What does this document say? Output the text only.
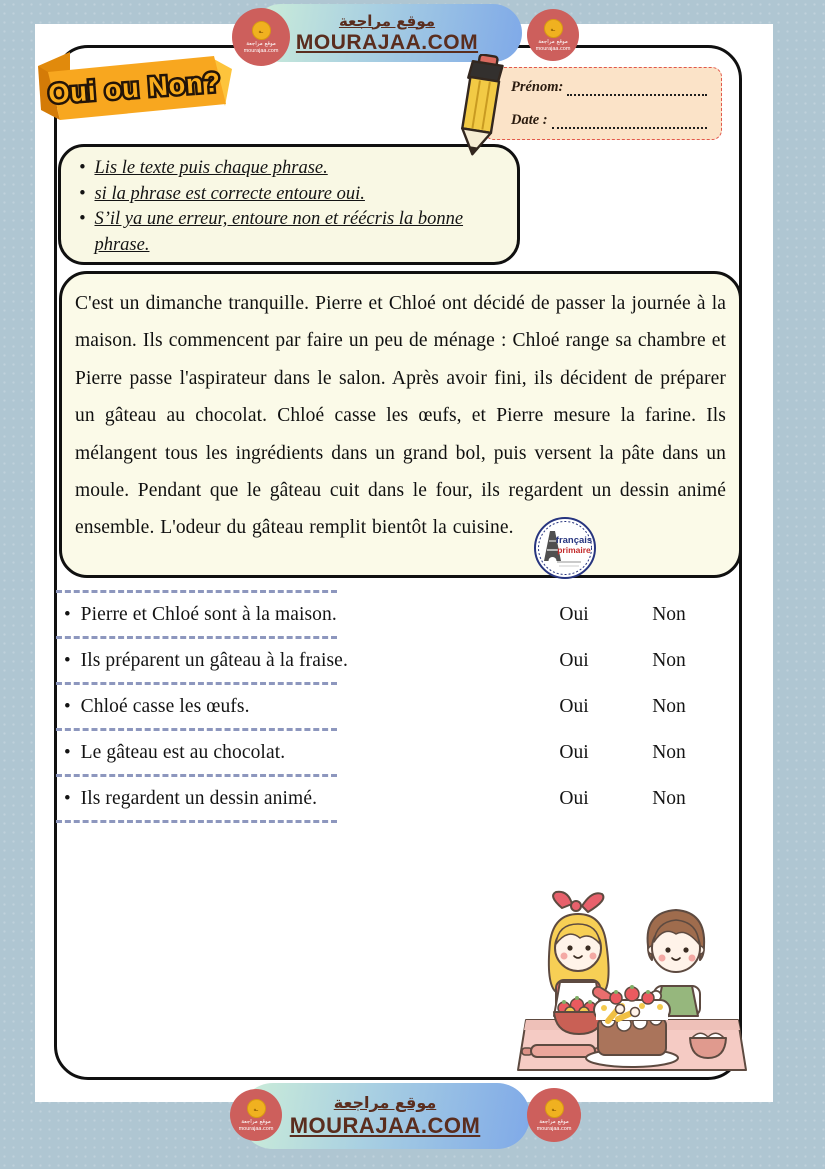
موقع مراجعة
MOURAJAA.COM
؎
موقع مراجعة
mourajaa.com
؎
موقع مراجعة
mourajaa.com
Oui ou Non?	Prénom:
Date :
• Lis le texte puis chaque phrase.
• si la phrase est correcte entoure oui.
• S’il ya une erreur, entoure non et réécris la bonne phrase.

C'est un dimanche tranquille. Pierre et Chloé ont décidé de passer la journée à la maison. Ils commencent par faire un peu de ménage : Chloé range sa chambre et Pierre passe l'aspirateur dans le salon. Après avoir fini, ils décident de préparer un gâteau au chocolat. Chloé casse les œufs, et Pierre mesure la farine. Ils mélangent tous les ingrédients dans un grand bol, puis versent la pâte dans un moule. Pendant que le gâteau cuit dans le four, ils regardent un dessin animé ensemble. L'odeur du gâteau remplit bientôt la cuisine.

français
primaire
• Pierre et Chloé sont à la maison.	Oui	Non
• Ils préparent un gâteau à la fraise.	Oui	Non
• Chloé casse les œufs.	Oui	Non
• Le gâteau est au chocolat.	Oui	Non
• Ils regardent un dessin animé.	Oui	Non
موقع مراجعة
MOURAJAA.COM
؎
موقع مراجعة
mourajaa.com
؎
موقع مراجعة
mourajaa.com
